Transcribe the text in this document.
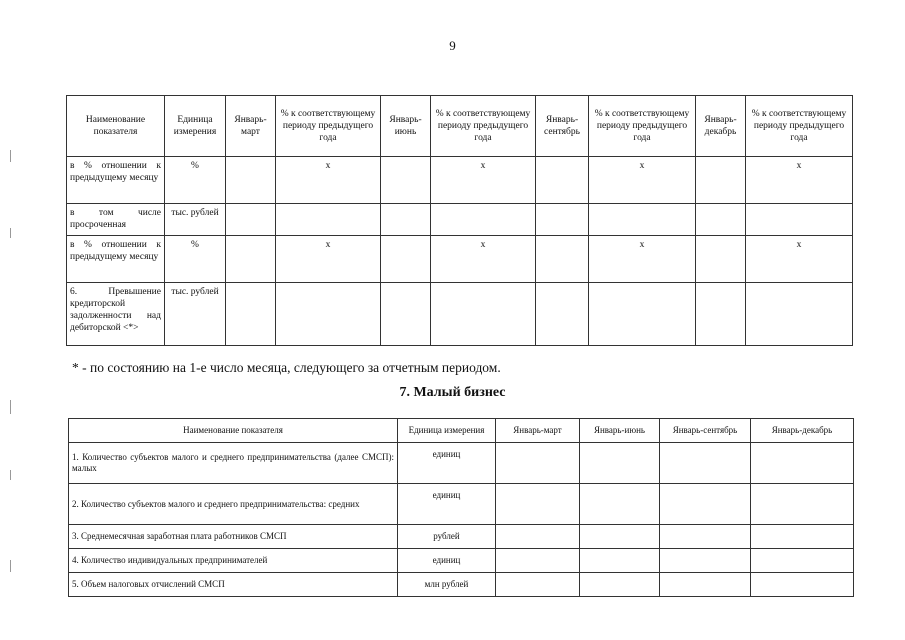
9
Наименование показателя	Единица измерения	Январь-март	% к соответствующему периоду предыдущего года	Январь-июнь	% к соответствующему периоду предыдущего года	Январь-сентябрь	% к соответствующему периоду предыдущего года	Январь-декабрь	% к соответствующему периоду предыдущего года
в % отношении к предыдущему месяцу	%		x		x		x		x
в том числе просроченная	тыс. рублей								
в % отношении к предыдущему месяцу	%		x		x		x		x
6. Превышение кредиторской задолженности над дебиторской <*>	тыс. рублей								
* - по состоянию на 1-е число месяца, следующего за отчетным периодом.
7. Малый бизнес
Наименование показателя	Единица измерения	Январь-март	Январь-июнь	Январь-сентябрь	Январь-декабрь
1. Количество субъектов малого и среднего предпринимательства (далее СМСП): малых	единиц				
2. Количество субъектов малого и среднего предпринимательства: средних	единиц				
3. Среднемесячная заработная плата работников СМСП	рублей				
4. Количество индивидуальных предпринимателей	единиц				
5. Объем налоговых отчислений СМСП	млн рублей				
